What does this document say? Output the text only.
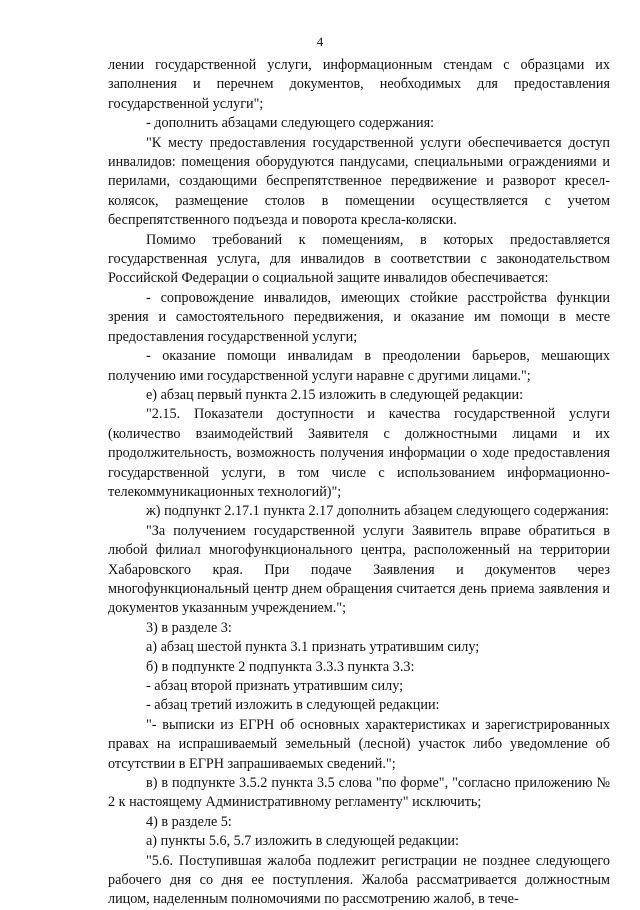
4

лении государственной услуги, информационным стендам с образцами их заполнения и перечнем документов, необходимых для предоставления государственной услуги";

- дополнить абзацами следующего содержания:

"К месту предоставления государственной услуги обеспечивается доступ инвалидов: помещения оборудуются пандусами, специальными ограждениями и перилами, создающими беспрепятственное передвижение и разворот кресел-колясок, размещение столов в помещении осуществляется с учетом беспрепятственного подъезда и поворота кресла-коляски.

Помимо требований к помещениям, в которых предоставляется государственная услуга, для инвалидов в соответствии с законодательством Российской Федерации о социальной защите инвалидов обеспечивается:

- сопровождение инвалидов, имеющих стойкие расстройства функции зрения и самостоятельного передвижения, и оказание им помощи в месте предоставления государственной услуги;

- оказание помощи инвалидам в преодолении барьеров, мешающих получению ими государственной услуги наравне с другими лицами.";

е) абзац первый пункта 2.15 изложить в следующей редакции:

"2.15. Показатели доступности и качества государственной услуги (количество взаимодействий Заявителя с должностными лицами и их продолжительность, возможность получения информации о ходе предоставления государственной услуги, в том числе с использованием информационно-телекоммуникационных технологий)";

ж) подпункт 2.17.1 пункта 2.17 дополнить абзацем следующего содержания:

"За получением государственной услуги Заявитель вправе обратиться в любой филиал многофункционального центра, расположенный на территории Хабаровского края. При подаче Заявления и документов через многофункциональный центр днем обращения считается день приема заявления и документов указанным учреждением.";

3) в разделе 3:

а) абзац шестой пункта 3.1 признать утратившим силу;

б) в подпункте 2 подпункта 3.3.3 пункта 3.3:

- абзац второй признать утратившим силу;

- абзац третий изложить в следующей редакции:

"- выписки из ЕГРН об основных характеристиках и зарегистрированных правах на испрашиваемый земельный (лесной) участок либо уведомление об отсутствии в ЕГРН запрашиваемых сведений.";

в) в подпункте 3.5.2 пункта 3.5 слова "по форме", "согласно приложению № 2 к настоящему Административному регламенту" исключить;

4) в разделе 5:

а) пункты 5.6, 5.7 изложить в следующей редакции:

"5.6. Поступившая жалоба подлежит регистрации не позднее следующего рабочего дня со дня ее поступления. Жалоба рассматривается должностным лицом, наделенным полномочиями по рассмотрению жалоб, в тече-
